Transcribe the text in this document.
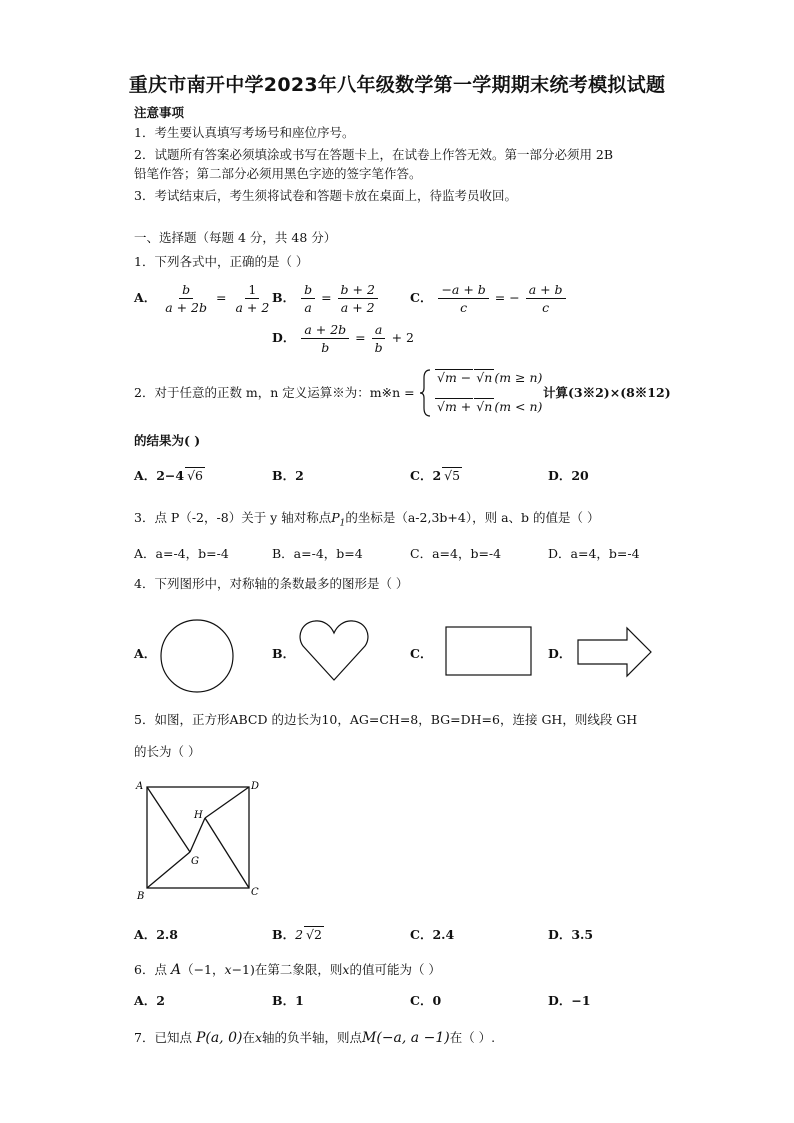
重庆市南开中学2023年八年级数学第一学期期末统考模拟试题
注意事项
1．考生要认真填写考场号和座位序号。
2．试题所有答案必须填涂或书写在答题卡上，在试卷上作答无效。第一部分必须用 2B
铅笔作答；第二部分必须用黑色字迹的签字笔作答。
3．考试结束后，考生须将试卷和答题卡放在桌面上，待监考员收回。
一、选择题（每题 4 分，共 48 分）
1．下列各式中，正确的是（ ）
A． $\frac{b}{a + 2b} = \frac{1}{a + 2}$ B． $\frac{b}{a} = \frac{b + 2}{a + 2}$	C． $\frac{-a + b}{c}$ = − $\frac{a + b}{c}$
D． $\frac{a + 2b}{b} = \frac{a}{b} + 2$
2．对于任意的正数 m，n 定义运算※为：m※n =
√m −√n (m ≥ n)
√m +√n (m < n)
计算(3※2)×(8※12)
的结果为( )
A．2−4 √6	B．2	C．2 √5	D．20
3．点 P（-2，-8）关于 y 轴对称点$P_1$的坐标是（a-2,3b+4），则 a、b 的值是（ ）
A．a=-4，b=-4	B．a=-4，b=4	C．a=4，b=-4	D．a=4，b=-4
4．下列图形中，对称轴的条数最多的图形是（ ）
A．	B．	C．	D．
5．如图，正方形ABCD 的边长为10，AG=CH=8，BG=DH=6，连接 GH，则线段 GH
的长为（ ）
A	D
B	C
G
H
A．2.8	B．2 √2	C．2.4	D．3.5
6．点 A（−1，x−1)在第二象限，则x的值可能为（ ）
A．2	B．1	C．0	D．−1
7．已知点 P(a, 0)在x轴的负半轴，则点M(−a, a −1)在（ ）.
